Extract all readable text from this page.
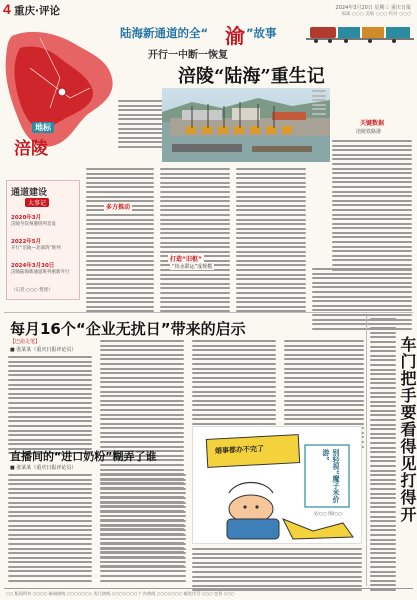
4 重庆·评论	2024年3月20日 星期三 重庆日报
编辑 ○○○ 美编 ○○○ 校对 ○○○
陆海新通道的全“ 渝 ”故事
开行一中断一恢复
涪陵“陆海”重生记
关键数据
涪陵铁路港
地标
涪陵
通道建设
大事记
2020年3月
涪陵至钦州港班列首发
2022年5月
开行“涪陵—北部湾”班列
2024年3月30日
涪陵陆海新通道班列重新开行
（记者 ○○○ 整理）
多方推动
打造“旧枢”
“快水联运”成规模
每月16个“企业无扰日”带来的启示
【巴渝走笔】
■ 张某某（重庆日报评论员）
直播间的“进口奶粉”糊弄了谁
■ 张某某（重庆日报评论员）
婚事都办不完了	别轻视“魔子米价游”
文/○○ 图/○○	车门把手要看得见打得开
○○ 版权所有 ○○○○ 新闻热线 ○○○○○○○ 发行热线 ○○○○○○○ 广告热线 ○○○○○○○ 邮发代号 ○○○ 定价 ○○○
